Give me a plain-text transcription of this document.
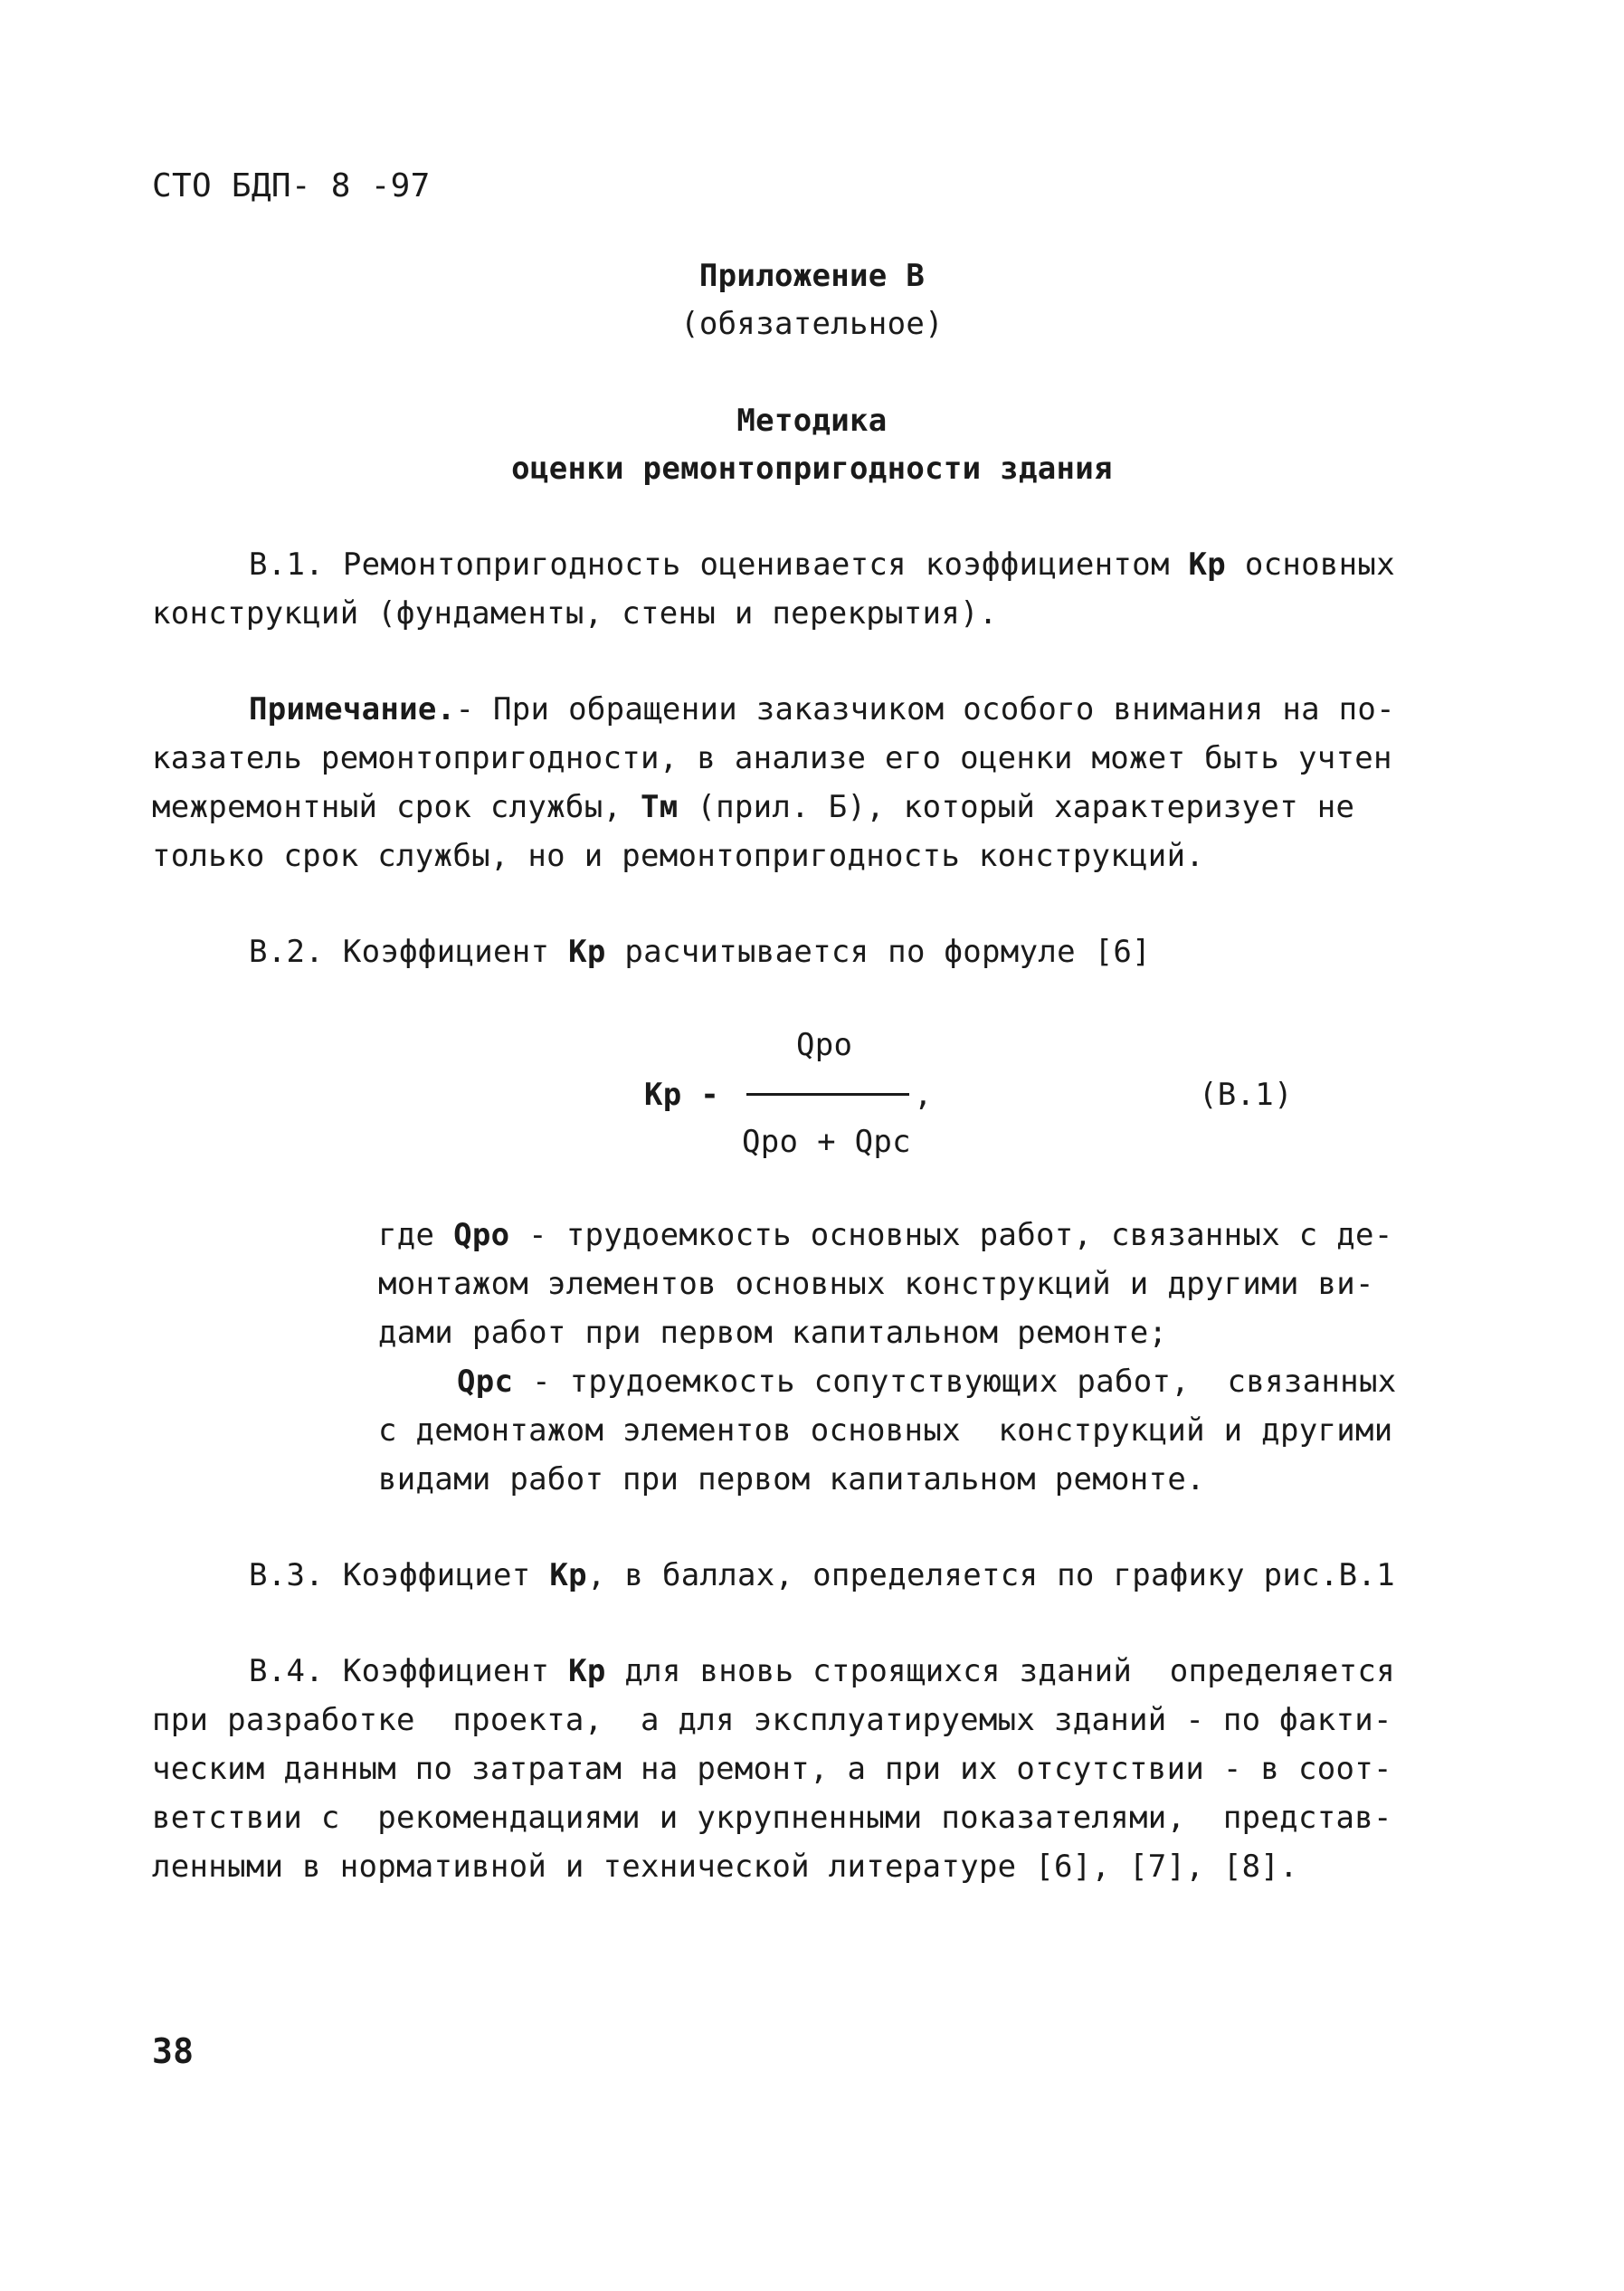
СТО БДП- 8 -97
Приложение В
(обязательное)
Методика
оценки ремонтопригодности здания
В.1. Ремонтопригодность оценивается коэффициентом Кр основных
конструкций (фундаменты, стены и перекрытия).
Примечание.- При обращении заказчиком особого внимания на по-
казатель ремонтопригодности, в анализе его оценки может быть учтен
межремонтный срок службы, Тм (прил. Б), который характеризует не
только срок службы, но и ремонтопригодность конструкций.
В.2. Коэффициент Кр расчитывается по формуле [6]
Qро
Кр -	,	(В.1)
Qро + Qрс
где Qро - трудоемкость основных работ, связанных с де-
монтажом элементов основных конструкций и другими ви-
дами работ при первом капитальном ремонте;
Qрс - трудоемкость сопутствующих работ,  связанных
с демонтажом элементов основных  конструкций и другими
видами работ при первом капитальном ремонте.
В.3. Коэффициет Кр, в баллах, определяется по графику рис.В.1
В.4. Коэффициент Кр для вновь строящихся зданий  определяется
при разработке  проекта,  а для эксплуатируемых зданий - по факти-
ческим данным по затратам на ремонт, а при их отсутствии - в соот-
ветствии с  рекомендациями и укрупненными показателями,  представ-
ленными в нормативной и технической литературе [6], [7], [8].
38
